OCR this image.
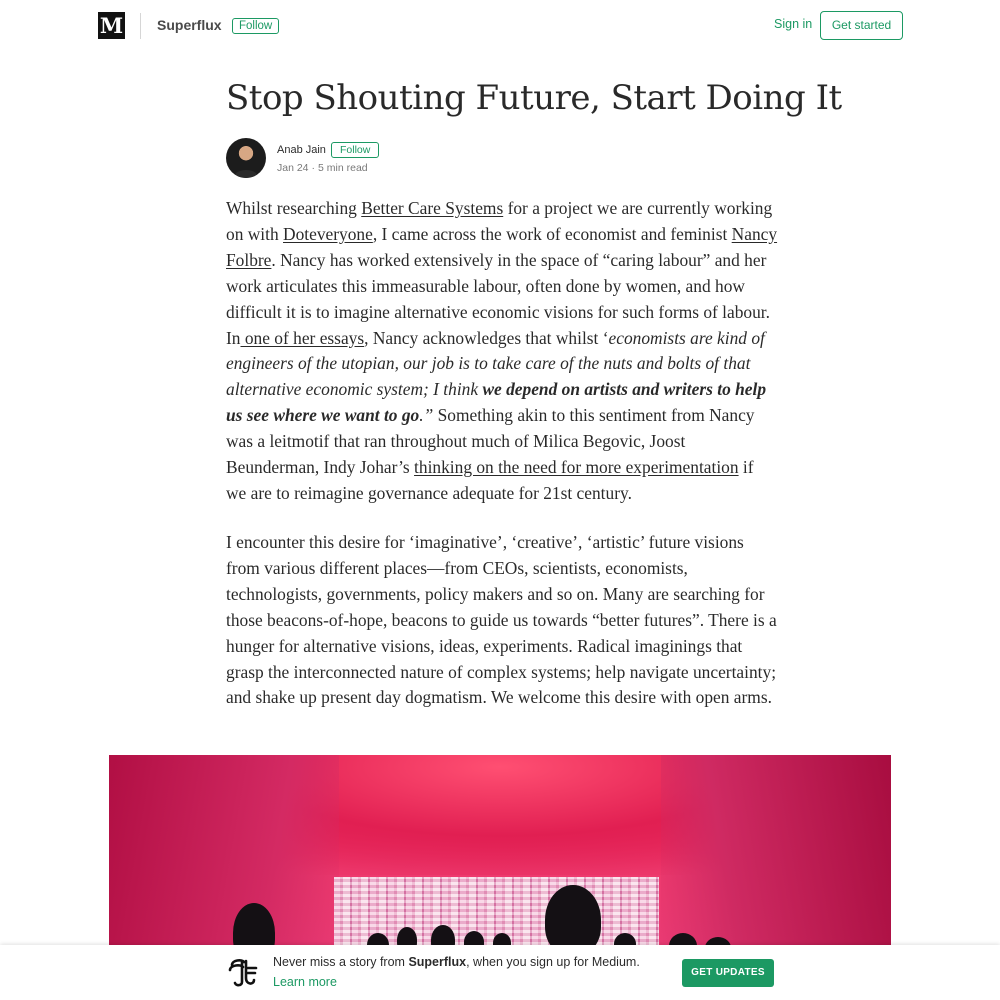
M Superflux	Follow	Sign in	Get started
Stop Shouting Future, Start Doing It
Anab Jain	Follow
Jan 24 · 5 min read

Whilst researching Better Care Systems for a project we are currently working on with Doteveryone, I came across the work of economist and feminist Nancy Folbre. Nancy has worked extensively in the space of “caring labour” and her work articulates this immeasurable labour, often done by women, and how difficult it is to imagine alternative economic visions for such forms of labour. In one of her essays, Nancy acknowledges that whilst ‘economists are kind of engineers of the utopian, our job is to take care of the nuts and bolts of that alternative economic system; I think we depend on artists and writers to help us see where we want to go.” Something akin to this sentiment from Nancy was a leitmotif that ran throughout much of Milica Begovic, Joost Beunderman, Indy Johar’s thinking on the need for more experimentation if we are to reimagine governance adequate for 21st century.

I encounter this desire for ‘imaginative’, ‘creative’, ‘artistic’ future visions from various different places—from CEOs, scientists, economists, technologists, governments, policy makers and so on. Many are searching for those beacons-of-hope, beacons to guide us towards “better futures”. There is a hunger for alternative visions, ideas, experiments. Radical imaginings that grasp the interconnected nature of complex systems; help navigate uncertainty; and shake up present day dogmatism. We welcome this desire with open arms.

Never miss a story from Superflux, when you sign up for Medium.
Learn more
GET UPDATES
